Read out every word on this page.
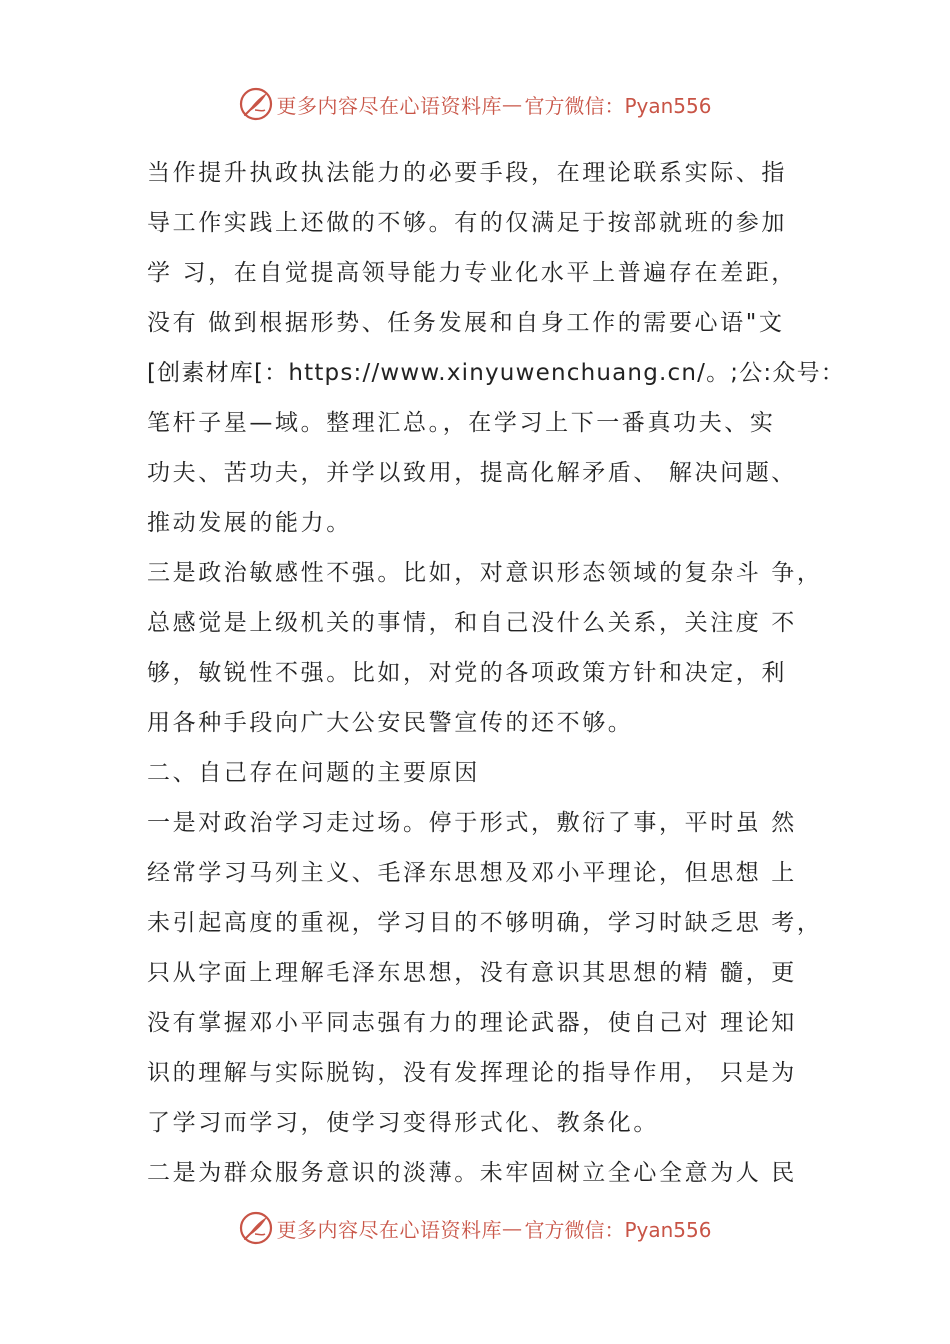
更多内容尽在心语资料库 — 官方微信：Pyan556
当作提升执政执法能力的必要手段，在理论联系实际、指
导工作实践上还做的不够。有的仅满足于按部就班的参加
学 习，在自觉提高领导能力专业化水平上普遍存在差距，
没有 做到根据形势、任务发展和自身工作的需要心语"文
[创素材库[：https://www.xinyuwenchuang.cn/。;公:众号：
笔杆子星—域。整理汇总。，在学习上下一番真功夫、实
功夫、苦功夫，并学以致用，提高化解矛盾、 解决问题、
推动发展的能力。
三是政治敏感性不强。比如，对意识形态领域的复杂斗 争，
总感觉是上级机关的事情，和自己没什么关系，关注度 不
够，敏锐性不强。比如，对党的各项政策方针和决定，利
用各种手段向广大公安民警宣传的还不够。
二、自己存在问题的主要原因
一是对政治学习走过场。停于形式，敷衍了事，平时虽 然
经常学习马列主义、毛泽东思想及邓小平理论，但思想 上
未引起高度的重视，学习目的不够明确，学习时缺乏思 考，
只从字面上理解毛泽东思想，没有意识其思想的精 髓，更
没有掌握邓小平同志强有力的理论武器，使自己对 理论知
识的理解与实际脱钩，没有发挥理论的指导作用， 只是为
了学习而学习，使学习变得形式化、教条化。
二是为群众服务意识的淡薄。未牢固树立全心全意为人 民
更多内容尽在心语资料库 — 官方微信：Pyan556
